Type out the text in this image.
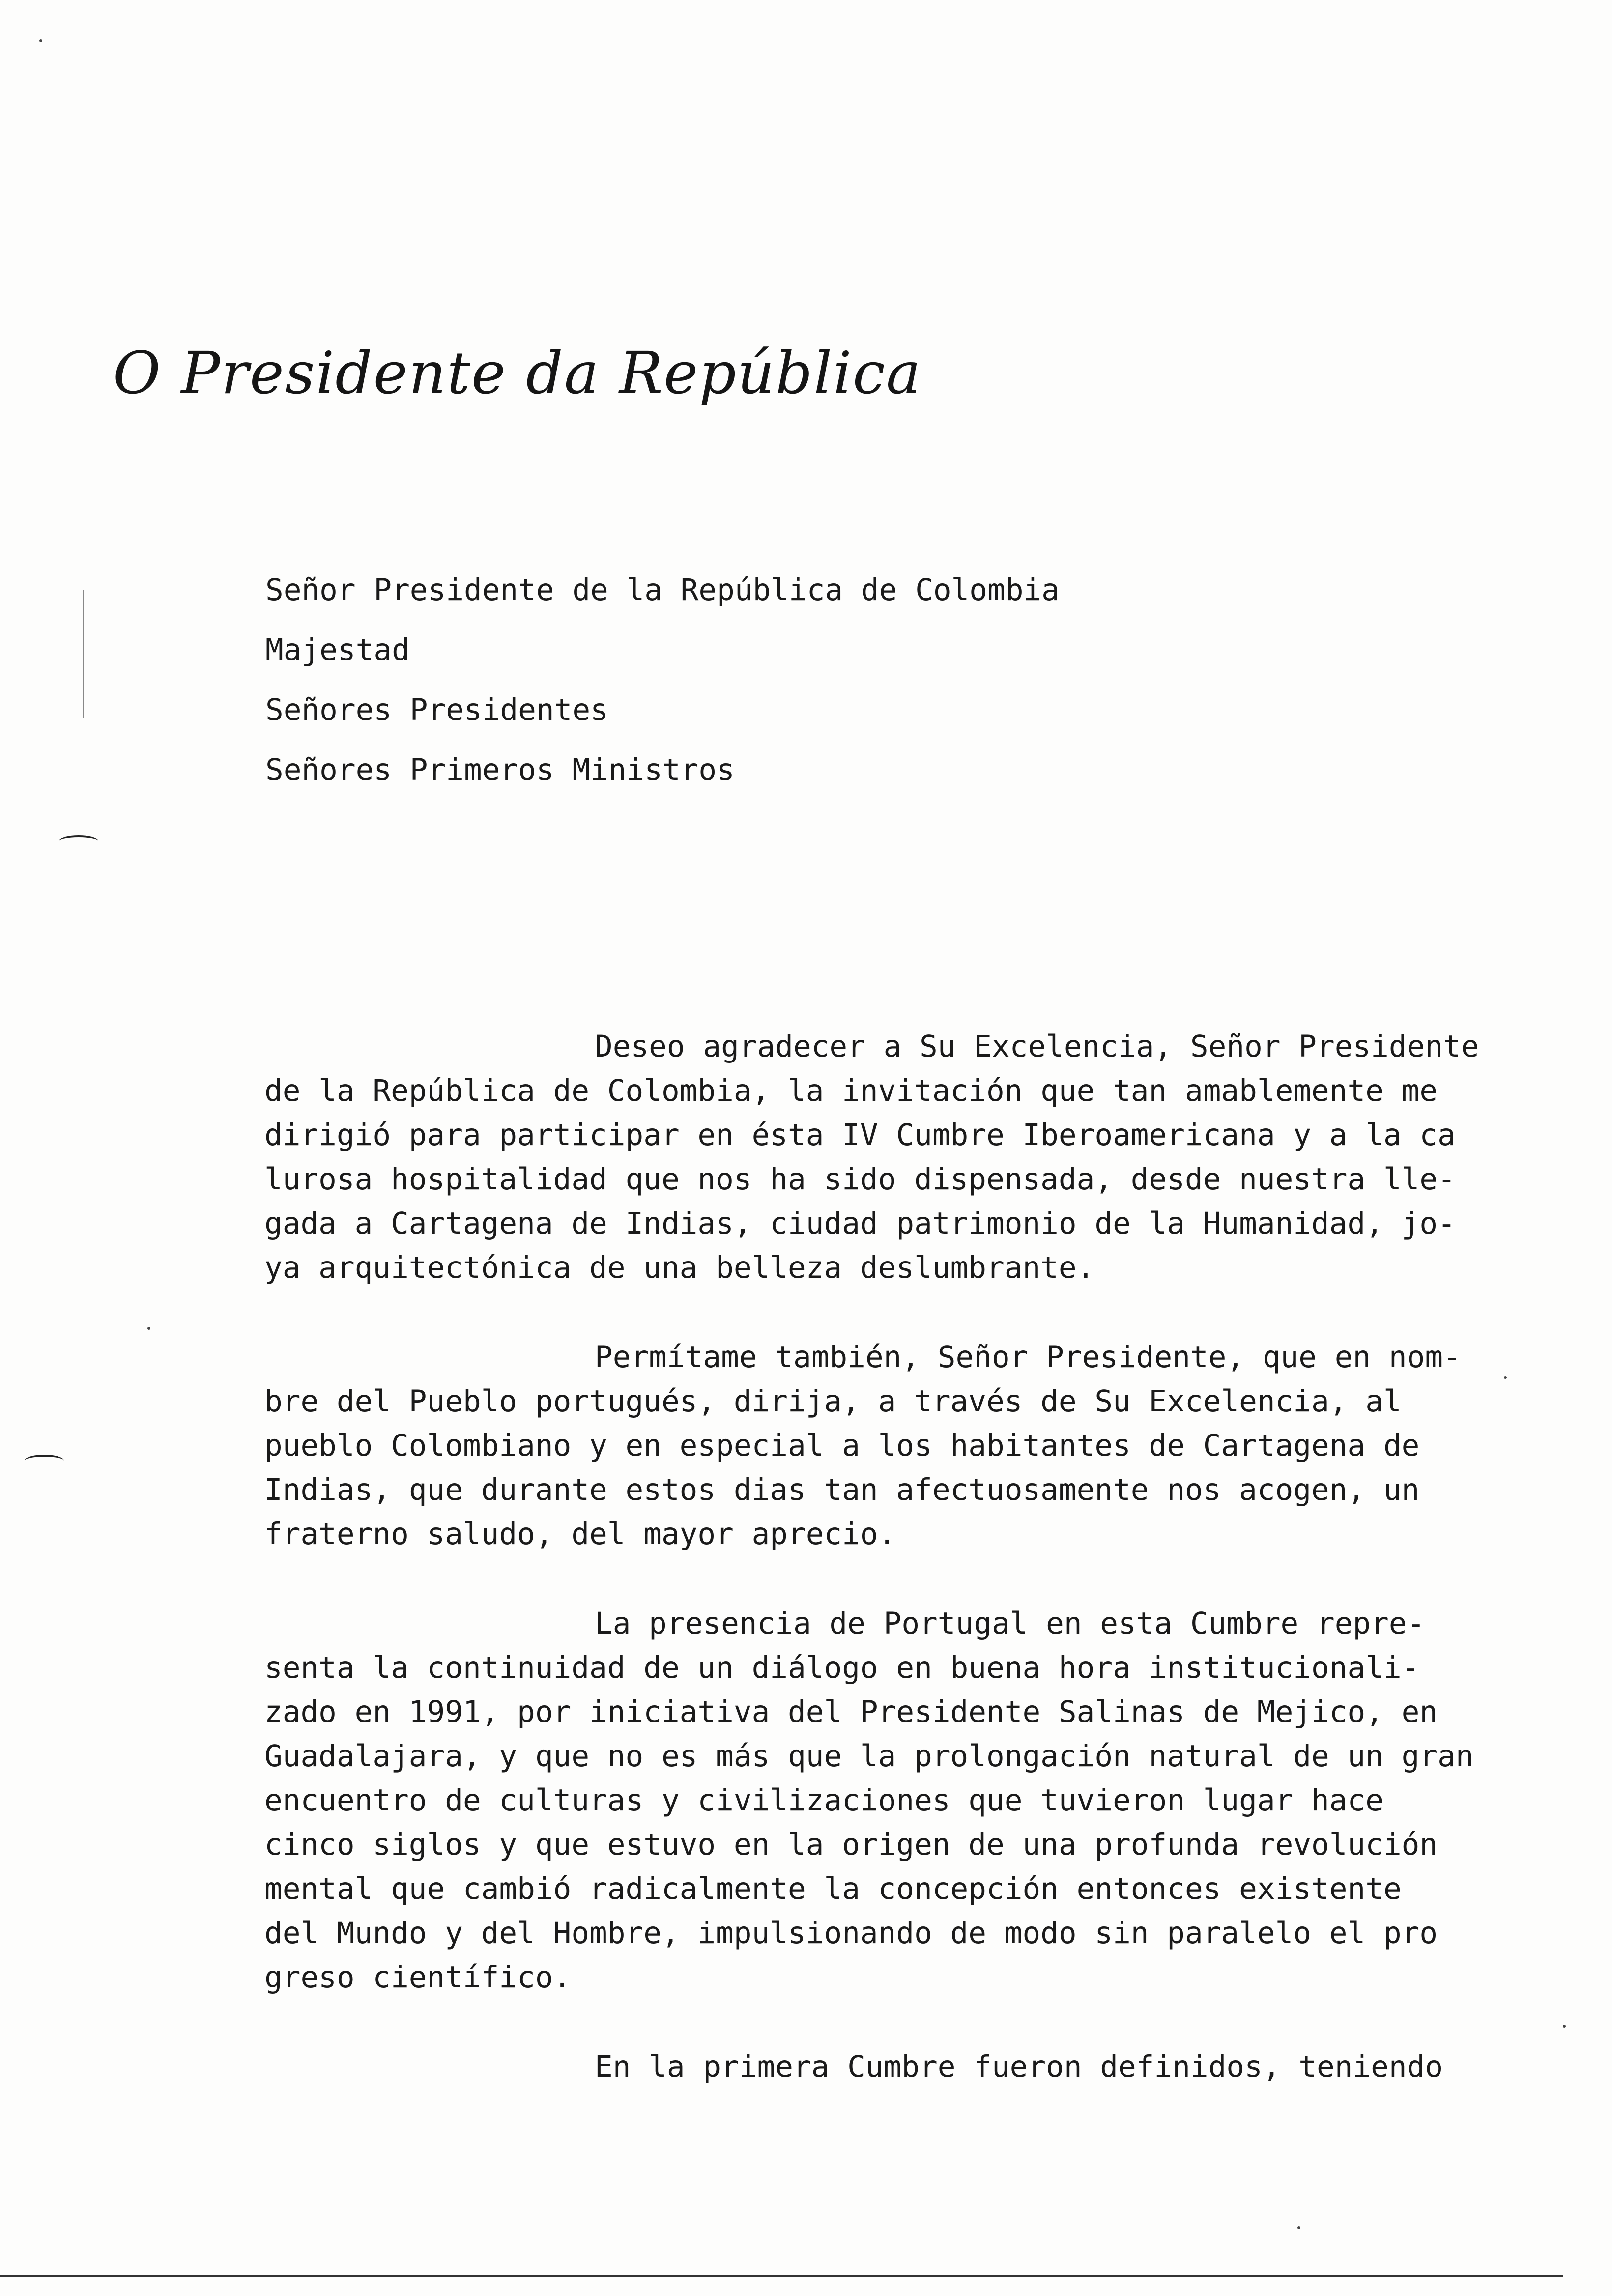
O Presidente da República
Señor Presidente de la República de Colombia
Majestad
Señores Presidentes
Señores Primeros Ministros
Deseo agradecer a Su Excelencia, Señor Presidente
de la República de Colombia, la invitación que tan amablemente me
dirigió para participar en ésta IV Cumbre Iberoamericana y a la ca
lurosa hospitalidad que nos ha sido dispensada, desde nuestra lle-
gada a Cartagena de Indias, ciudad patrimonio de la Humanidad, jo-
ya arquitectónica de una belleza deslumbrante.
Permítame también, Señor Presidente, que en nom-
bre del Pueblo portugués, dirija, a través de Su Excelencia, al
pueblo Colombiano y en especial a los habitantes de Cartagena de
Indias, que durante estos dias tan afectuosamente nos acogen, un
fraterno saludo, del mayor aprecio.
La presencia de Portugal en esta Cumbre repre-
senta la continuidad de un diálogo en buena hora institucionali-
zado en 1991, por iniciativa del Presidente Salinas de Mejico, en
Guadalajara, y que no es más que la prolongación natural de un gran
encuentro de culturas y civilizaciones que tuvieron lugar hace
cinco siglos y que estuvo en la origen de una profunda revolución
mental que cambió radicalmente la concepción entonces existente
del Mundo y del Hombre, impulsionando de modo sin paralelo el pro
greso científico.
En la primera Cumbre fueron definidos, teniendo
